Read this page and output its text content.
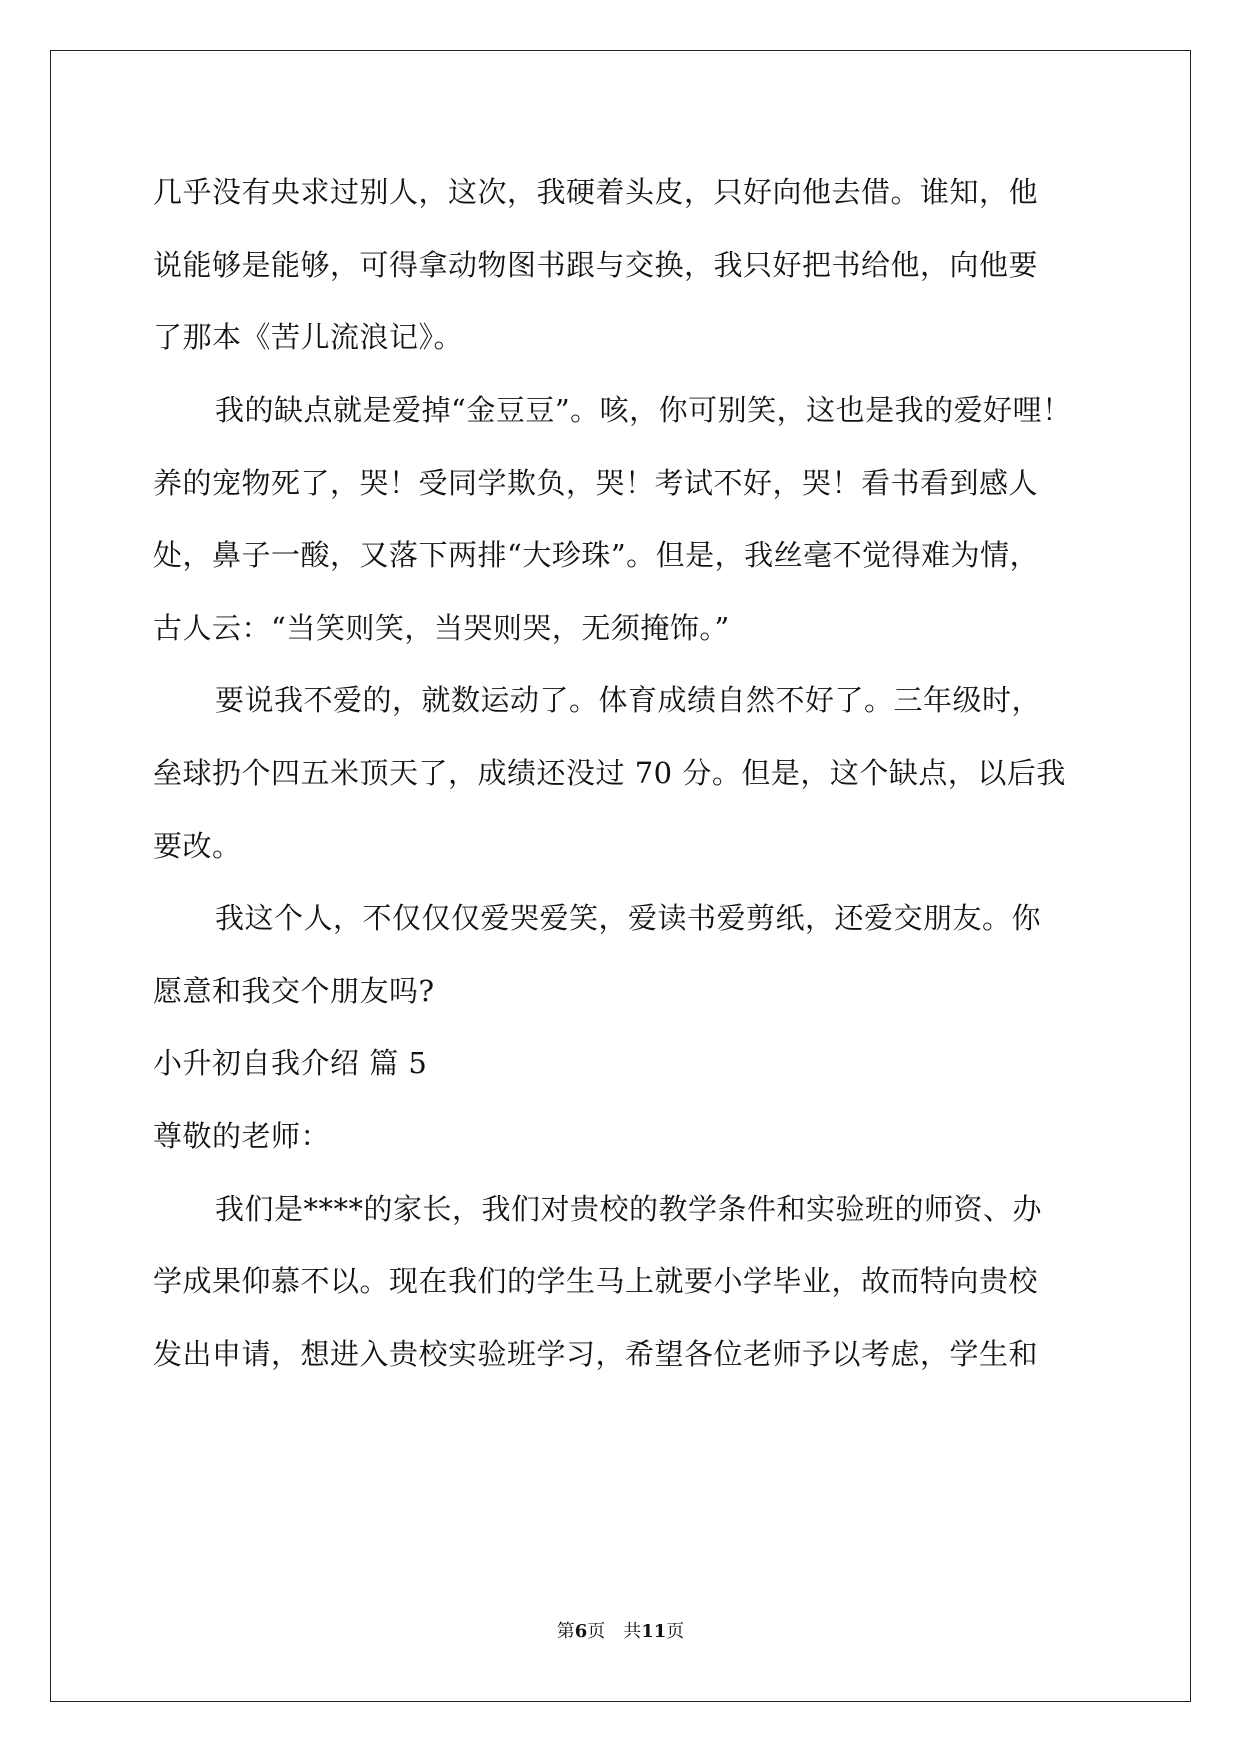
几乎没有央求过别人，这次，我硬着头皮，只好向他去借。谁知，他
说能够是能够，可得拿动物图书跟与交换，我只好把书给他，向他要
了那本《苦儿流浪记》。
我的缺点就是爱掉“金豆豆”。咳，你可别笑，这也是我的爱好哩！
养的宠物死了，哭！受同学欺负，哭！考试不好，哭！看书看到感人
处，鼻子一酸，又落下两排“大珍珠”。但是，我丝毫不觉得难为情，
古人云：“当笑则笑，当哭则哭，无须掩饰。”
要说我不爱的，就数运动了。体育成绩自然不好了。三年级时，
垒球扔个四五米顶天了，成绩还没过 70 分。但是，这个缺点，以后我
要改。
我这个人，不仅仅仅爱哭爱笑，爱读书爱剪纸，还爱交朋友。你
愿意和我交个朋友吗?
小升初自我介绍 篇 5
尊敬的老师：
我们是****的家长，我们对贵校的教学条件和实验班的师资、办
学成果仰慕不以。现在我们的学生马上就要小学毕业，故而特向贵校
发出申请，想进入贵校实验班学习，希望各位老师予以考虑，学生和
第6页　共11页
